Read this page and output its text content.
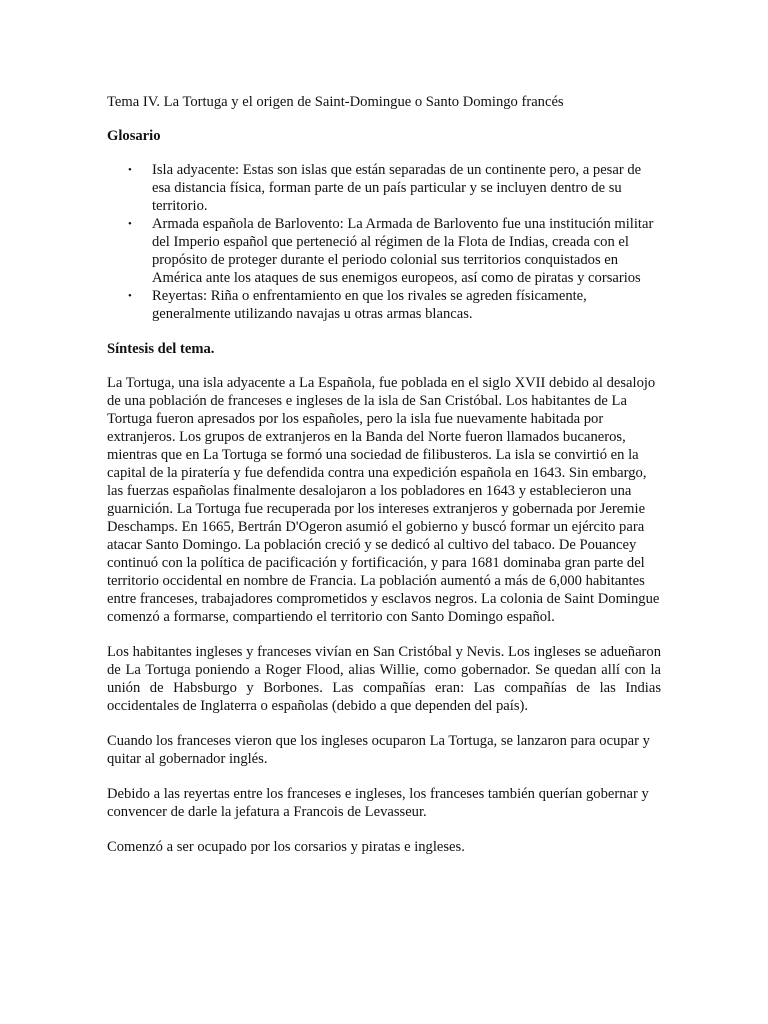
Tema IV. La Tortuga y el origen de Saint-Domingue o Santo Domingo francés

Glosario

• Isla adyacente: Estas son islas que están separadas de un continente pero, a pesar de esa distancia física, forman parte de un país particular y se incluyen dentro de su territorio.
• Armada española de Barlovento: La Armada de Barlovento fue una institución militar del Imperio español que perteneció al régimen de la Flota de Indias, creada con el propósito de proteger durante el periodo colonial sus territorios conquistados en América ante los ataques de sus enemigos europeos, así como de piratas y corsarios
• Reyertas: Riña o enfrentamiento en que los rivales se agreden físicamente, generalmente utilizando navajas u otras armas blancas.

Síntesis del tema.

La Tortuga, una isla adyacente a La Española, fue poblada en el siglo XVII debido al desalojo de una población de franceses e ingleses de la isla de San Cristóbal. Los habitantes de La Tortuga fueron apresados por los españoles, pero la isla fue nuevamente habitada por extranjeros. Los grupos de extranjeros en la Banda del Norte fueron llamados bucaneros, mientras que en La Tortuga se formó una sociedad de filibusteros. La isla se convirtió en la capital de la piratería y fue defendida contra una expedición española en 1643. Sin embargo, las fuerzas españolas finalmente desalojaron a los pobladores en 1643 y establecieron una guarnición. La Tortuga fue recuperada por los intereses extranjeros y gobernada por Jeremie Deschamps. En 1665, Bertrán D'Ogeron asumió el gobierno y buscó formar un ejército para atacar Santo Domingo. La población creció y se dedicó al cultivo del tabaco. De Pouancey continuó con la política de pacificación y fortificación, y para 1681 dominaba gran parte del territorio occidental en nombre de Francia. La población aumentó a más de 6,000 habitantes entre franceses, trabajadores comprometidos y esclavos negros. La colonia de Saint Domingue comenzó a formarse, compartiendo el territorio con Santo Domingo español.

Los habitantes ingleses y franceses vivían en San Cristóbal y Nevis. Los ingleses se adueñaron de La Tortuga poniendo a Roger Flood, alias Willie, como gobernador. Se quedan allí con la unión de Habsburgo y Borbones. Las compañías eran: Las compañías de las Indias occidentales de Inglaterra o españolas (debido a que dependen del país).

Cuando los franceses vieron que los ingleses ocuparon La Tortuga, se lanzaron para ocupar y quitar al gobernador inglés.

Debido a las reyertas entre los franceses e ingleses, los franceses también querían gobernar y convencer de darle la jefatura a Francois de Levasseur.

Comenzó a ser ocupado por los corsarios y piratas e ingleses.
